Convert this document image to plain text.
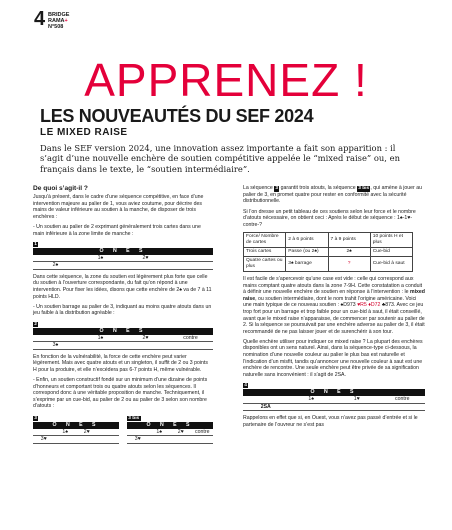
4 BRIDGE
RAMA+
N°508
APPRENEZ !
LES NOUVEAUTÉS DU SEF 2024
LE MIXED RAISE

Dans le SEF version 2024, une innovation assez importante a fait son apparition : il s’agit d’une nouvelle enchère de soutien compétitive appelée le “mixed raise” ou, en français dans le texte, le “soutien intermédiaire”.

De quoi s’agit-il ?

Jusqu’à présent, dans le cadre d’une séquence compétitive, en face d’une intervention majeure au palier de 1, vous aviez coutume, pour décrire des mains de valeur inférieure au soutien à la manche, de disposer de trois enchères :

- Un soutien au palier de 2 exprimant généralement trois cartes dans une main inférieure à la zone limite de manche :

1
O N E S			
	1♠	2♥	
2♠			

Dans cette séquence, la zone du soutien est légèrement plus forte que celle du soutien à l’ouverture correspondante, du fait qu’on répond à une intervention. Pour fixer les idées, disons que cette enchère de 2♠ va de 7 à 11 points HLD.

- Un soutien barrage au palier de 3, indiquant au moins quatre atouts dans un jeu faible à la distribution agréable :

2
O N E S			
	1♠	2♥	contre
3♠			

En fonction de la vulnérabilité, la force de cette enchère peut varier légèrement. Mais avec quatre atouts et un singleton, il suffit de 2 ou 3 points H pour la produire, et elle n’excédera pas 6-7 points H, même vulnérable.

- Enfin, un soutien constructif fondé sur un minimum d’une dizaine de points d’honneurs et comportant trois ou quatre atouts selon les séquences. Il correspond donc à une véritable proposition de manche. Techniquement, il s’exprime par un cue-bid, au palier de 2 ou au palier de 3 selon son nombre d’atouts :

3
O N E S			
	1♠	2♥	
3♥			
3 bis
O N E S			
	1♠	2♥	contre
3♥			

La séquence 3 garantit trois atouts, la séquence 3 bis, qui amène à jouer au palier de 3, en promet quatre pour rester en conformité avec la sécurité distributionnelle.

Si l’on dresse un petit tableau de ces soutiens selon leur force et le nombre d’atouts nécessaire, on obtient ceci : Après le début de séquence : 1♠-1♥-contre-?

Force/ Nombre de cartes	2 à 6 points	7 à 9 points	10 points H et plus
Trois cartes	Passe (ou 2♠)	2♠	Cue-bid
Quatre cartes ou plus	3♠ barrage	?	Cue-bid à saut

Il est facile de s’apercevoir qu’une case est vide : celle qui correspond aux mains comptant quatre atouts dans la zone 7-9H. Cette constatation a conduit à définir une nouvelle enchère de soutien en réponse à l’intervention : le mixed raise, ou soutien intermédiaire, dont le nom trahit l’origine américaine. Voici une main typique de ce nouveau soutien : ♠D973 ♥R5 ♦D72 ♣873. Avec ce jeu trop fort pour un barrage et trop faible pour un cue-bid à saut, il était conseillé, avant que le mixed raise n’apparaisse, de commencer par soutenir au palier de 2. Si la séquence se poursuivait par une enchère adverse au palier de 3, il était recommandé de ne pas laisser jouer et de surenchérir à son tour.

Quelle enchère utiliser pour indiquer ce mixed raise ? La plupart des enchères disponibles ont un sens naturel. Ainsi, dans la séquence-type ci-dessous, la nomination d’une nouvelle couleur au palier le plus bas est naturelle et l’indication d’un misfit, tandis qu’annoncer une nouvelle couleur à saut est une enchère de rencontre. Une seule enchère peut être privée de sa signification naturelle sans inconvénient : il s’agit de 2SA.

4
O N E S			
	1♠	1♥	contre
2SA			

Rappelons en effet que si, en Ouest, vous n’avez pas passé d’entrée et si le partenaire de l’ouvreur ne s’est pas
